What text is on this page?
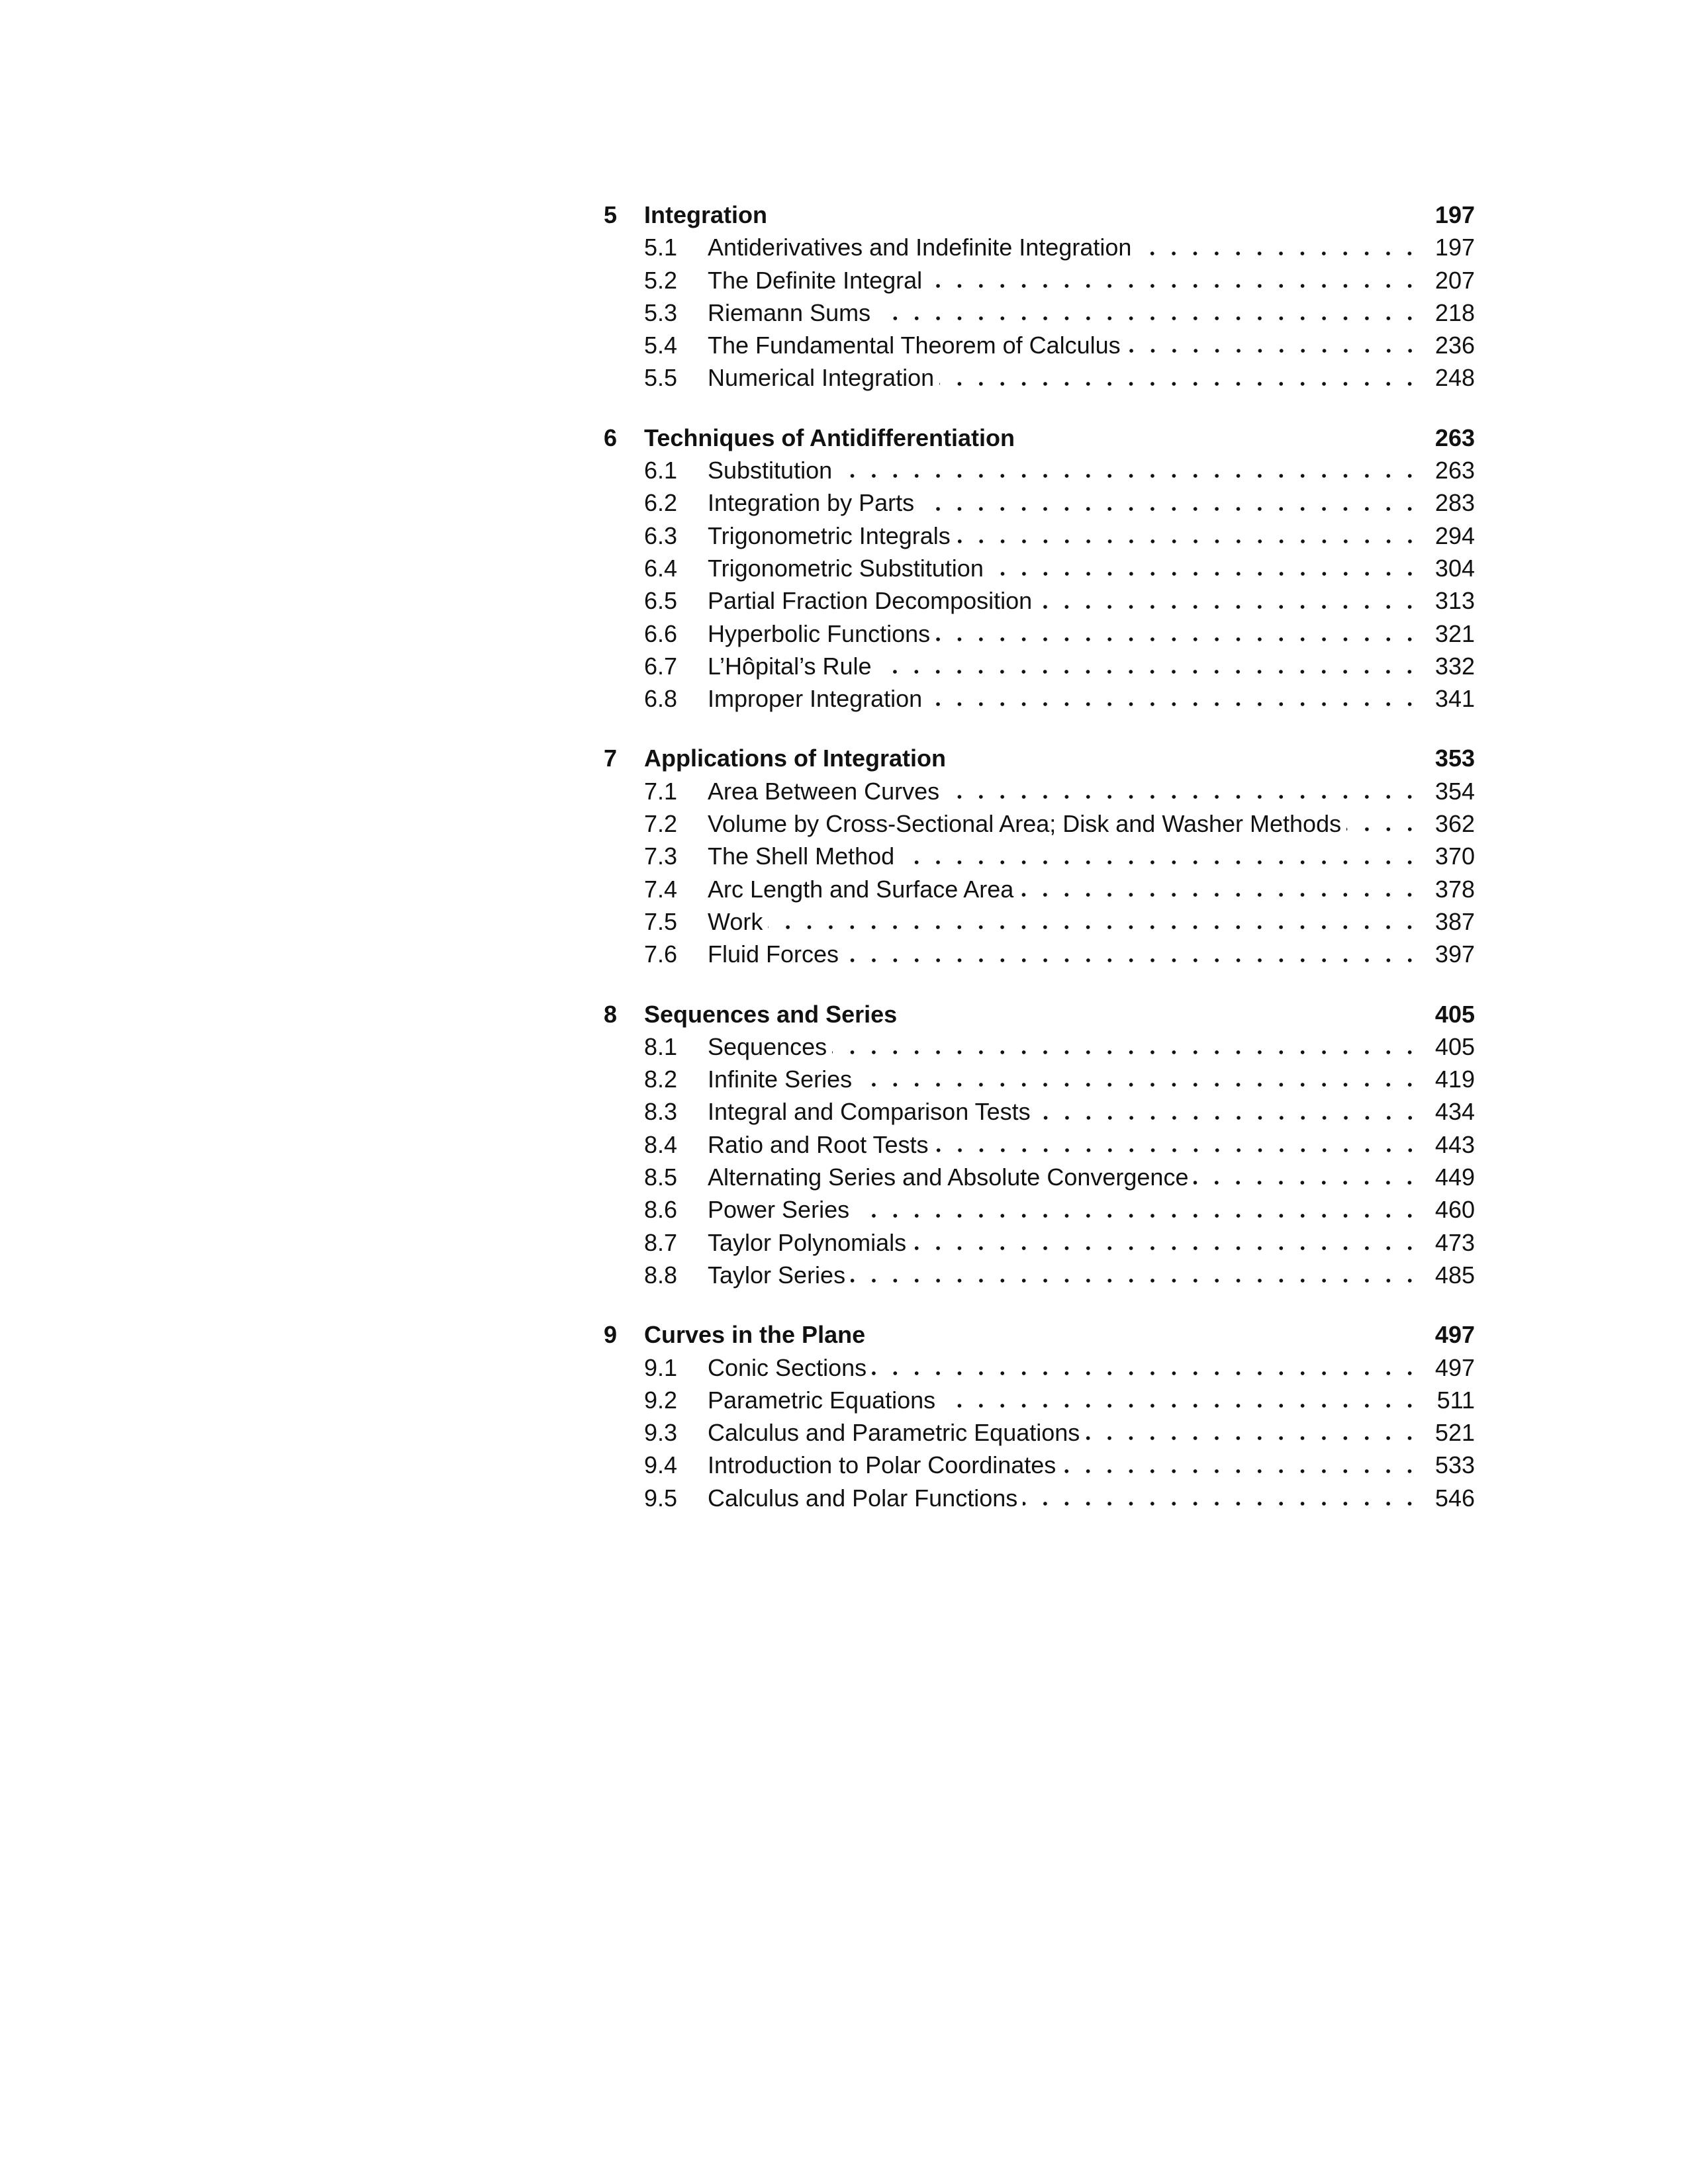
5	Integration	197
5.1	Antiderivatives and Indefinite Integration	197
5.2	The Definite Integral	207
5.3	Riemann Sums	218
5.4	The Fundamental Theorem of Calculus	236
5.5	Numerical Integration	248
6	Techniques of Antidifferentiation	263
6.1	Substitution	263
6.2	Integration by Parts	283
6.3	Trigonometric Integrals	294
6.4	Trigonometric Substitution	304
6.5	Partial Fraction Decomposition	313
6.6	Hyperbolic Functions	321
6.7	L’Hôpital’s Rule	332
6.8	Improper Integration	341
7	Applications of Integration	353
7.1	Area Between Curves	354
7.2	Volume by Cross-Sectional Area; Disk and Washer Methods	362
7.3	The Shell Method	370
7.4	Arc Length and Surface Area	378
7.5	Work	387
7.6	Fluid Forces	397
8	Sequences and Series	405
8.1	Sequences	405
8.2	Infinite Series	419
8.3	Integral and Comparison Tests	434
8.4	Ratio and Root Tests	443
8.5	Alternating Series and Absolute Convergence	449
8.6	Power Series	460
8.7	Taylor Polynomials	473
8.8	Taylor Series	485
9	Curves in the Plane	497
9.1	Conic Sections	497
9.2	Parametric Equations	511
9.3	Calculus and Parametric Equations	521
9.4	Introduction to Polar Coordinates	533
9.5	Calculus and Polar Functions	546
